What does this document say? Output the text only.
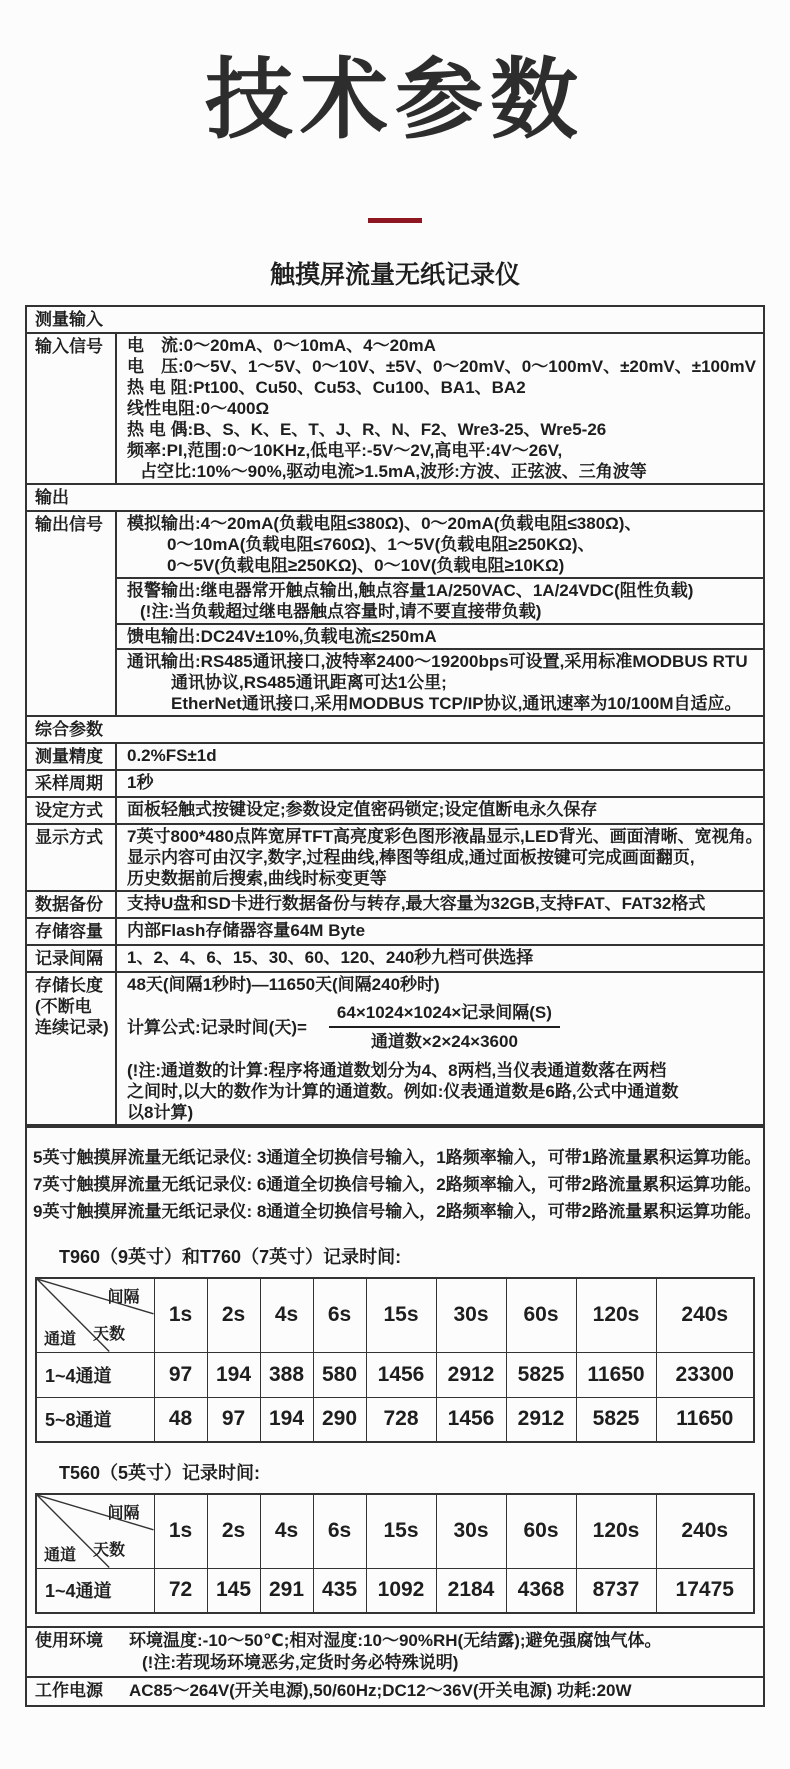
技术参数
触摸屏流量无纸记录仪
测量输入
输入信号	电　流:0～20mA、0～10mA、4～20mA
电　压:0～5V、1～5V、0～10V、±5V、0～20mV、0～100mV、±20mV、±100mV
热 电 阻:Pt100、Cu50、Cu53、Cu100、BA1、BA2
线性电阻:0～400Ω
热 电 偶:B、S、K、E、T、J、R、N、F2、Wre3-25、Wre5-26
频率:PI,范围:0～10KHz,低电平:-5V～2V,高电平:4V～26V,
占空比:10%～90%,驱动电流>1.5mA,波形:方波、正弦波、三角波等
输出
输出信号	模拟输出:4～20mA(负载电阻≤380Ω)、0～20mA(负载电阻≤380Ω)、
0～10mA(负载电阻≤760Ω)、1～5V(负载电阻≥250KΩ)、
0～5V(负载电阻≥250KΩ)、0～10V(负载电阻≥10KΩ)
报警输出:继电器常开触点输出,触点容量1A/250VAC、1A/24VDC(阻性负载)
(!注:当负载超过继电器触点容量时,请不要直接带负载)
馈电输出:DC24V±10%,负载电流≤250mA
通讯输出:RS485通讯接口,波特率2400～19200bps可设置,采用标准MODBUS RTU
通讯协议,RS485通讯距离可达1公里;
EtherNet通讯接口,采用MODBUS TCP/IP协议,通讯速率为10/100M自适应。
综合参数
测量精度	0.2%FS±1d
采样周期	1秒
设定方式	面板轻触式按键设定;参数设定值密码锁定;设定值断电永久保存
显示方式	7英寸800*480点阵宽屏TFT高亮度彩色图形液晶显示,LED背光、画面清晰、宽视角。
显示内容可由汉字,数字,过程曲线,棒图等组成,通过面板按键可完成画面翻页,
历史数据前后搜索,曲线时标变更等
数据备份	支持U盘和SD卡进行数据备份与转存,最大容量为32GB,支持FAT、FAT32格式
存储容量	内部Flash存储器容量64M Byte
记录间隔	1、2、4、6、15、30、60、120、240秒九档可供选择
存储长度
(不断电
连续记录)
48天(间隔1秒时)—11650天(间隔240秒时)
计算公式:记录时间(天)= $\frac{\text{64×1024×1024×记录间隔(S)}}{\text{通道数×2×24×3600}}$
(!注:通道数的计算:程序将通道数划分为4、8两档,当仪表通道数落在两档
之间时,以大的数作为计算的通道数。例如:仪表通道数是6路,公式中通道数
以8计算)
5英寸触摸屏流量无纸记录仪: 3通道全切换信号输入，1路频率输入，可带1路流量累积运算功能。
7英寸触摸屏流量无纸记录仪: 6通道全切换信号输入，2路频率输入，可带2路流量累积运算功能。
9英寸触摸屏流量无纸记录仪: 8通道全切换信号输入，2路频率输入，可带2路流量累积运算功能。
T960（9英寸）和T760（7英寸）记录时间:
间隔
天数
通道	1s	2s	4s	6s	15s	30s	60s	120s	240s
1~4通道	97	194	388	580	1456	2912	5825	11650	23300
5~8通道	48	97	194	290	728	1456	2912	5825	11650
T560（5英寸）记录时间:
间隔
天数
通道	1s	2s	4s	6s	15s	30s	60s	120s	240s
1~4通道	72	145	291	435	1092	2184	4368	8737	17475
使用环境	环境温度:-10～50℃;相对湿度:10～90%RH(无结露);避免强腐蚀气体。
(!注:若现场环境恶劣,定货时务必特殊说明)
工作电源	AC85～264V(开关电源),50/60Hz;DC12～36V(开关电源) 功耗:20W
